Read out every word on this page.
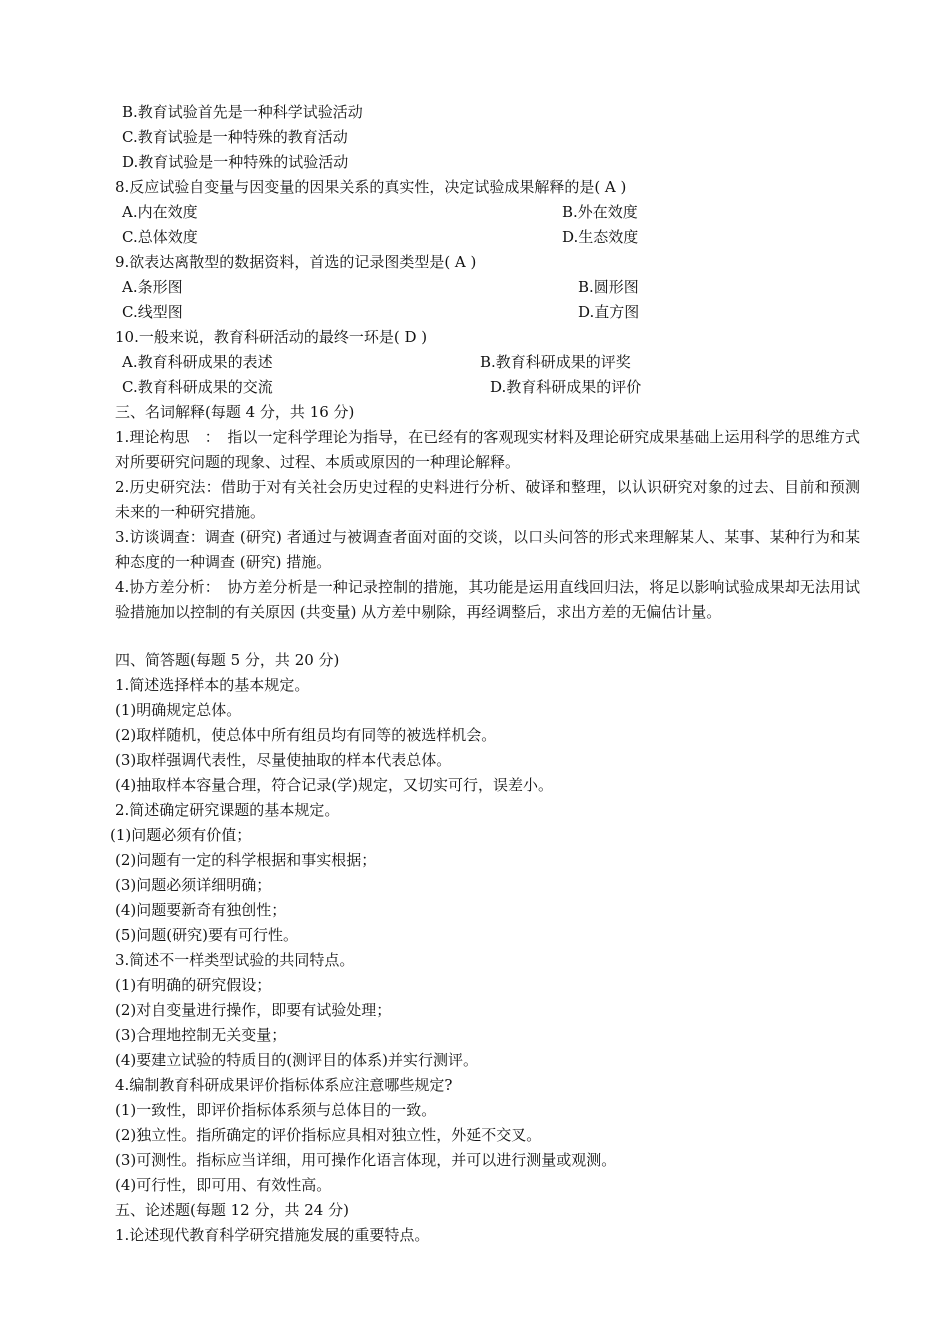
B.教育试验首先是一种科学试验活动
C.教育试验是一种特殊的教育活动
D.教育试验是一种特殊的试验活动
8.反应试验自变量与因变量的因果关系的真实性，决定试验成果解释的是( A )
A.内在效度	B.外在效度
C.总体效度	D.生态效度
9.欲表达离散型的数据资料，首选的记录图类型是( A )
A.条形图	B.圆形图
C.线型图	D.直方图
10.一般来说，教育科研活动的最终一环是( D )
A.教育科研成果的表述	B.教育科研成果的评奖
C.教育科研成果的交流	D.教育科研成果的评价
三、名词解释(每题 4 分，共 16 分)
1.理论构思　：　指以一定科学理论为指导，在已经有的客观现实材料及理论研究成果基础上运用科学的思维方式对所要研究问题的现象、过程、本质或原因的一种理论解释。
2.历史研究法：借助于对有关社会历史过程的史料进行分析、破译和整理，以认识研究对象的过去、目前和预测未来的一种研究措施。
3.访谈调查：调查 (研究) 者通过与被调查者面对面的交谈，以口头问答的形式来理解某人、某事、某种行为和某种态度的一种调查 (研究) 措施。
4.协方差分析：　协方差分析是一种记录控制的措施，其功能是运用直线回归法，将足以影响试验成果却无法用试验措施加以控制的有关原因 (共变量) 从方差中剔除，再经调整后，求出方差的无偏估计量。
四、简答题(每题 5 分，共 20 分)
1.简述选择样本的基本规定。
(1)明确规定总体。
(2)取样随机，使总体中所有组员均有同等的被选样机会。
(3)取样强调代表性，尽量使抽取的样本代表总体。
(4)抽取样本容量合理，符合记录(学)规定，又切实可行，误差小。
2.简述确定研究课题的基本规定。
(1)问题必须有价值；
(2)问题有一定的科学根据和事实根据；
(3)问题必须详细明确；
(4)问题要新奇有独创性；
(5)问题(研究)要有可行性。
3.简述不一样类型试验的共同特点。
(1)有明确的研究假设；
(2)对自变量进行操作，即要有试验处理；
(3)合理地控制无关变量；
(4)要建立试验的特质目的(测评目的体系)并实行测评。
4.编制教育科研成果评价指标体系应注意哪些规定?
(1)一致性，即评价指标体系须与总体目的一致。
(2)独立性。指所确定的评价指标应具相对独立性，外延不交叉。
(3)可测性。指标应当详细，用可操作化语言体现，并可以进行测量或观测。
(4)可行性，即可用、有效性高。
五、论述题(每题 12 分，共 24 分)
1.论述现代教育科学研究措施发展的重要特点。
